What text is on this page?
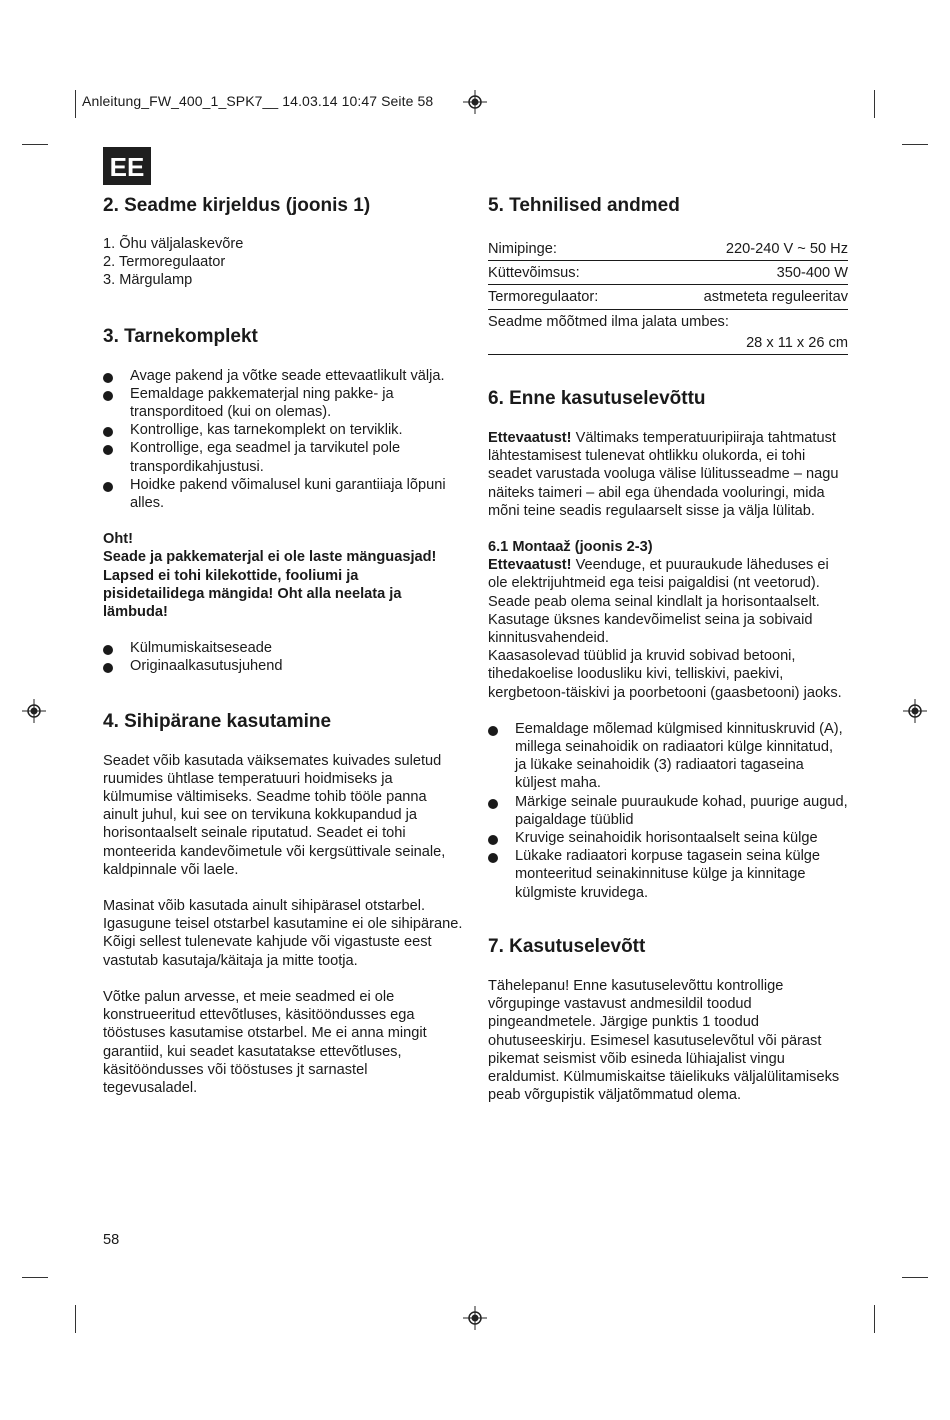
Anleitung_FW_400_1_SPK7__ 14.03.14 10:47 Seite 58
EE
2. Seadme kirjeldus (joonis 1)
1. Õhu väljalaskevõre
2. Termoregulaator
3. Märgulamp
3. Tarnekomplekt
Avage pakend ja võtke seade ettevaatlikult välja.
Eemaldage pakkematerjal ning pakke- ja transporditoed (kui on olemas).
Kontrollige, kas tarnekomplekt on terviklik.
Kontrollige, ega seadmel ja tarvikutel pole transpordikahjustusi.
Hoidke pakend võimalusel kuni garantiiaja lõpuni alles.

Oht!

Seade ja pakkematerjal ei ole laste mänguasjad! Lapsed ei tohi kilekottide, fooliumi ja pisidetailidega mängida! Oht alla neelata ja lämbuda!

Külmumiskaitseseade
Originaalkasutusjuhend
4. Sihipärane kasutamine

Seadet võib kasutada väiksemates kuivades suletud ruumides ühtlase temperatuuri hoidmiseks ja külmumise vältimiseks. Seadme tohib tööle panna ainult juhul, kui see on tervikuna kokkupandud ja horisontaalselt seinale riputatud. Seadet ei tohi monteerida kandevõimetule või kergsüttivale seinale, kaldpinnale või laele.

Masinat võib kasutada ainult sihipärasel otstarbel. Igasugune teisel otstarbel kasutamine ei ole sihipärane. Kõigi sellest tulenevate kahjude või vigastuste eest vastutab kasutaja/käitaja ja mitte tootja.

Võtke palun arvesse, et meie seadmed ei ole konstrueeritud ettevõtluses, käsitööndusses ega tööstuses kasutamise otstarbel. Me ei anna mingit garantiid, kui seadet kasutatakse ettevõtluses, käsitööndusses või tööstuses jt sarnastel tegevusaladel.

5. Tehnilised andmed
Nimipinge:	220-240 V ~ 50 Hz
Küttevõimsus:	350-400 W
Termoregulaator:	astmeteta reguleeritav
Seadme mõõtmed ilma jalata umbes:	
28 x 11 x 26 cm	
6. Enne kasutuselevõttu

Ettevaatust! Vältimaks temperatuuripiiraja tahtmatust lähtestamisest tulenevat ohtlikku olukorda, ei tohi seadet varustada vooluga välise lülitusseadme – nagu näiteks taimeri – abil ega ühendada vooluringi, mida mõni teine seadis regulaarselt sisse ja välja lülitab.

6.1 Montaaž (joonis 2-3)

Ettevaatust! Veenduge, et puuraukude läheduses ei ole elektrijuhtmeid ega teisi paigaldisi (nt veetorud). Seade peab olema seinal kindlalt ja horisontaalselt. Kasutage üksnes kandevõimelist seina ja sobivaid kinnitusvahendeid.

Kaasasolevad tüüblid ja kruvid sobivad betooni, tihedakoelise loodusliku kivi, telliskivi, paekivi, kergbetoon-täiskivi ja poorbetooni (gaasbetooni) jaoks.

Eemaldage mõlemad külgmised kinnituskruvid (A), millega seinahoidik on radiaatori külge kinnitatud, ja lükake seinahoidik (3) radiaatori tagaseina küljest maha.
Märkige seinale puuraukude kohad, puurige augud, paigaldage tüüblid
Kruvige seinahoidik horisontaalselt seina külge
Lükake radiaatori korpuse tagasein seina külge monteeritud seinakinnituse külge ja kinnitage külgmiste kruvidega.
7. Kasutuselevõtt

Tähelepanu! Enne kasutuselevõttu kontrollige võrgupinge vastavust andmesildil toodud pingeandmetele. Järgige punktis 1 toodud ohutuseeskirju. Esimesel kasutuselevõtul või pärast pikemat seismist võib esineda lühiajalist vingu eraldumist. Külmumiskaitse täielikuks väljalülitamiseks peab võrgupistik väljatõmmatud olema.

58
